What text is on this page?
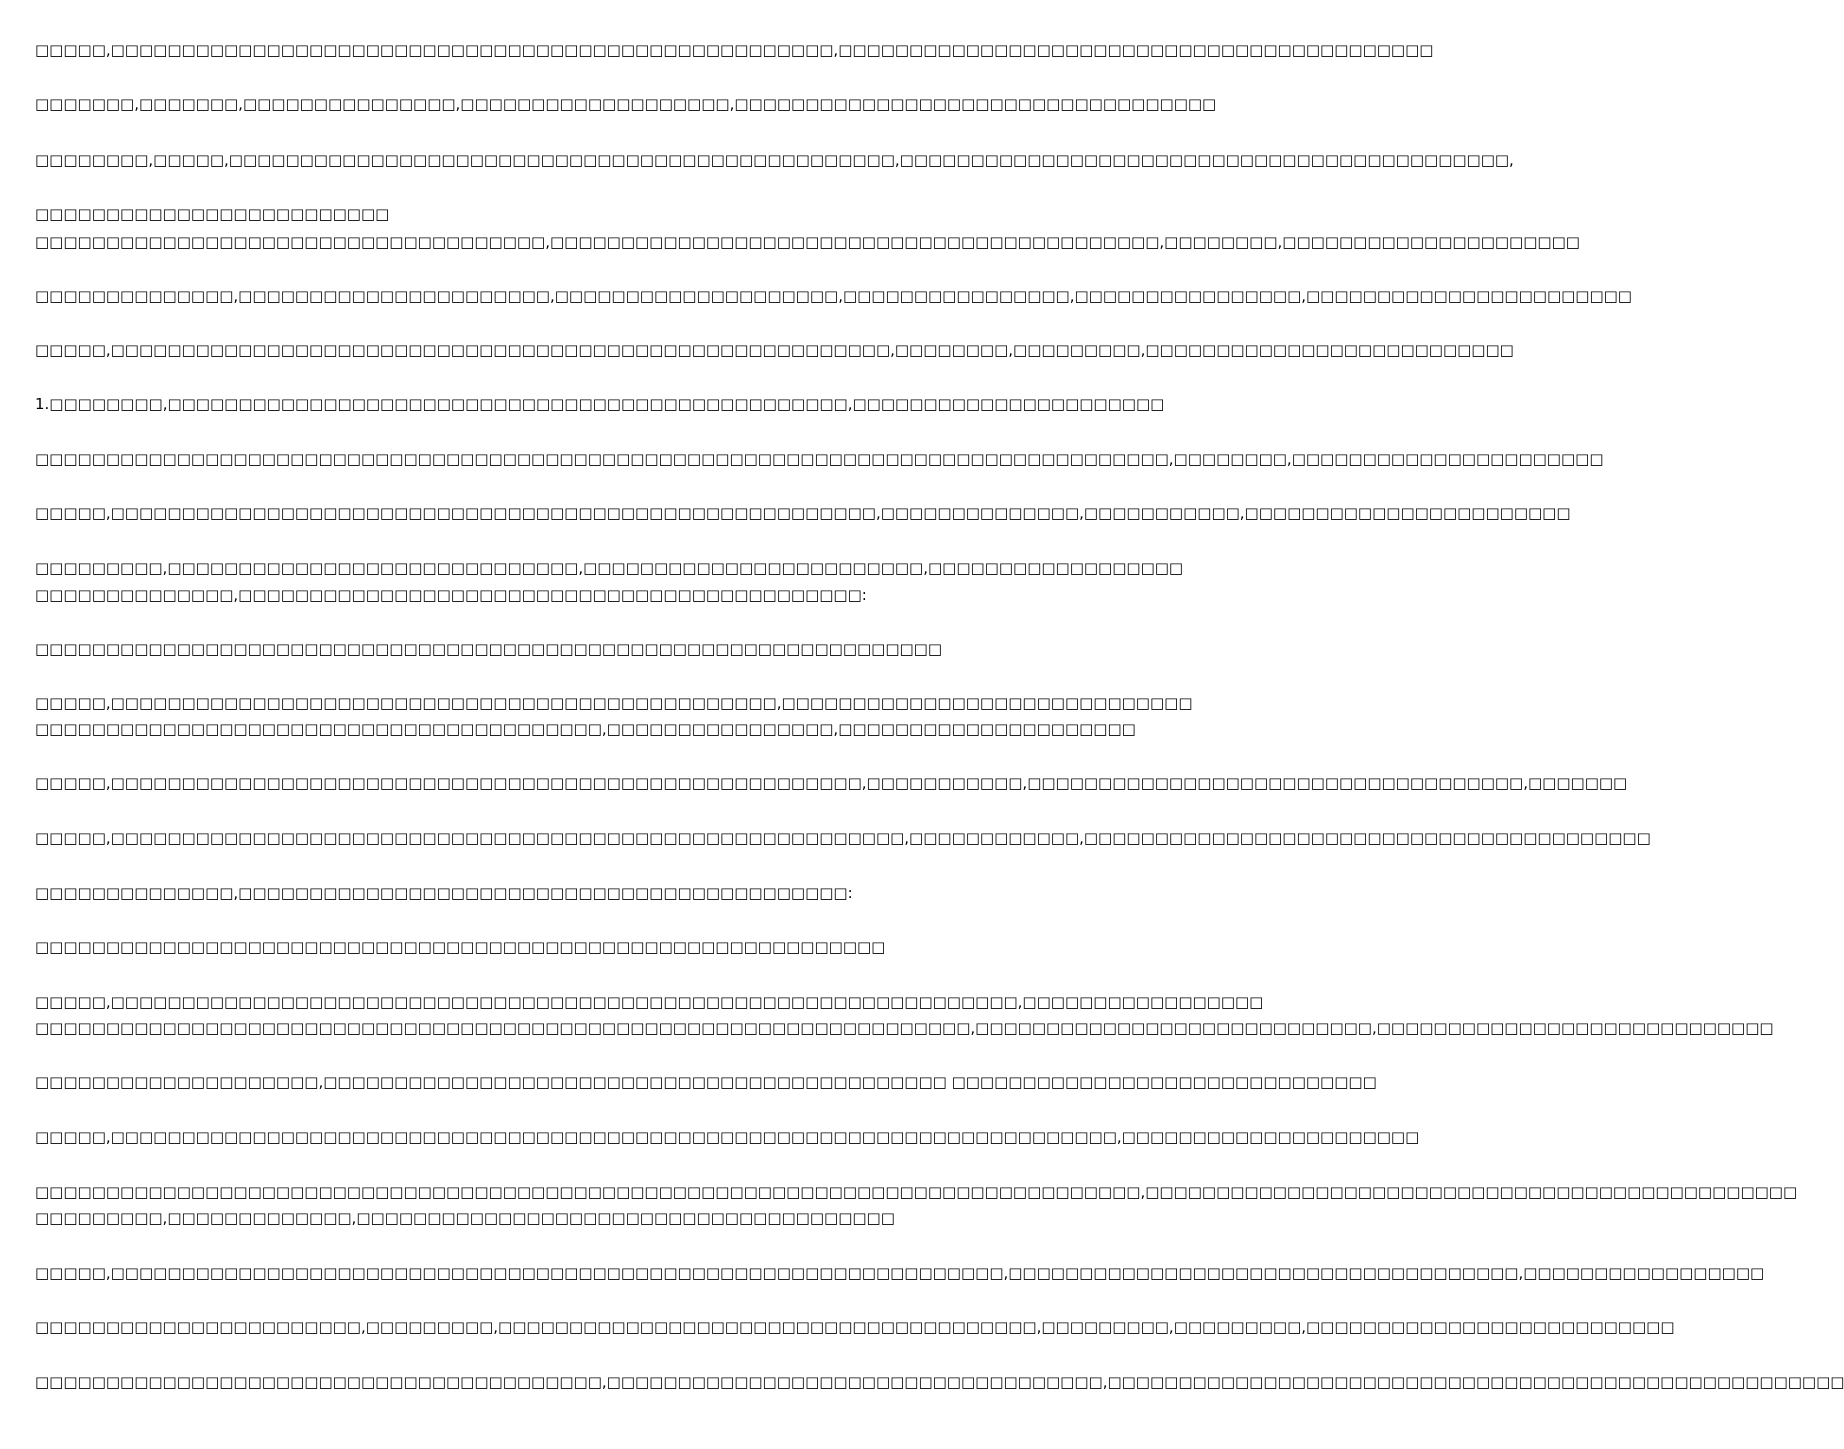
□□□□□,□□□□□□□□□□□□□□□□□□□□□□□□□□□□□□□□□□□□□□□□□□□□□□□□□□□,□□□□□□□□□□□□□□□□□□□□□□□□□□□□□□□□□□□□□□□□□□
□□□□□□□,□□□□□□□,□□□□□□□□□□□□□□□,□□□□□□□□□□□□□□□□□□□,□□□□□□□□□□□□□□□□□□□□□□□□□□□□□□□□□□
□□□□□□□□,□□□□□,□□□□□□□□□□□□□□□□□□□□□□□□□□□□□□□□□□□□□□□□□□□□□□□,□□□□□□□□□□□□□□□□□□□□□□□□□□□□□□□□□□□□□□□□□□□,
□□□□□□□□□□□□□□□□□□□□□□□□□
□□□□□□□□□□□□□□□□□□□□□□□□□□□□□□□□□□□□,□□□□□□□□□□□□□□□□□□□□□□□□□□□□□□□□□□□□□□□□□□□,□□□□□□□□,□□□□□□□□□□□□□□□□□□□□□
□□□□□□□□□□□□□□,□□□□□□□□□□□□□□□□□□□□□□,□□□□□□□□□□□□□□□□□□□□,□□□□□□□□□□□□□□□□,□□□□□□□□□□□□□□□□,□□□□□□□□□□□□□□□□□□□□□□□
□□□□□,□□□□□□□□□□□□□□□□□□□□□□□□□□□□□□□□□□□□□□□□□□□□□□□□□□□□□□□,□□□□□□□□,□□□□□□□□□,□□□□□□□□□□□□□□□□□□□□□□□□□□
1.□□□□□□□□,□□□□□□□□□□□□□□□□□□□□□□□□□□□□□□□□□□□□□□□□□□□□□□□□,□□□□□□□□□□□□□□□□□□□□□□
□□□□□□□□□□□□□□□□□□□□□□□□□□□□□□□□□□□□□□□□□□□□□□□□□□□□□□□□□□□□□□□□□□□□□□□□□□□□□□□□,□□□□□□□□,□□□□□□□□□□□□□□□□□□□□□□
□□□□□,□□□□□□□□□□□□□□□□□□□□□□□□□□□□□□□□□□□□□□□□□□□□□□□□□□□□□□,□□□□□□□□□□□□□□,□□□□□□□□□□□,□□□□□□□□□□□□□□□□□□□□□□□
□□□□□□□□□,□□□□□□□□□□□□□□□□□□□□□□□□□□□□□,□□□□□□□□□□□□□□□□□□□□□□□□,□□□□□□□□□□□□□□□□□□
□□□□□□□□□□□□□□,□□□□□□□□□□□□□□□□□□□□□□□□□□□□□□□□□□□□□□□□□□□□:
□□□□□□□□□□□□□□□□□□□□□□□□□□□□□□□□□□□□□□□□□□□□□□□□□□□□□□□□□□□□□□□□
□□□□□,□□□□□□□□□□□□□□□□□□□□□□□□□□□□□□□□□□□□□□□□□□□□□□□,□□□□□□□□□□□□□□□□□□□□□□□□□□□□□
□□□□□□□□□□□□□□□□□□□□□□□□□□□□□□□□□□□□□□□□,□□□□□□□□□□□□□□□□,□□□□□□□□□□□□□□□□□□□□□
□□□□□,□□□□□□□□□□□□□□□□□□□□□□□□□□□□□□□□□□□□□□□□□□□□□□□□□□□□□,□□□□□□□□□□□,□□□□□□□□□□□□□□□□□□□□□□□□□□□□□□□□□□□,□□□□□□□
□□□□□,□□□□□□□□□□□□□□□□□□□□□□□□□□□□□□□□□□□□□□□□□□□□□□□□□□□□□□□□,□□□□□□□□□□□□,□□□□□□□□□□□□□□□□□□□□□□□□□□□□□□□□□□□□□□□□
□□□□□□□□□□□□□□,□□□□□□□□□□□□□□□□□□□□□□□□□□□□□□□□□□□□□□□□□□□:
□□□□□□□□□□□□□□□□□□□□□□□□□□□□□□□□□□□□□□□□□□□□□□□□□□□□□□□□□□□□
□□□□□,□□□□□□□□□□□□□□□□□□□□□□□□□□□□□□□□□□□□□□□□□□□□□□□□□□□□□□□□□□□□□□□□,□□□□□□□□□□□□□□□□□
□□□□□□□□□□□□□□□□□□□□□□□□□□□□□□□□□□□□□□□□□□□□□□□□□□□□□□□□□□□□□□□□□□,□□□□□□□□□□□□□□□□□□□□□□□□□□□□,□□□□□□□□□□□□□□□□□□□□□□□□□□□□
□□□□□□□□□□□□□□□□□□□□,□□□□□□□□□□□□□□□□□□□□□□□□□□□□□□□□□□□□□□□□□□□□ □□□□□□□□□□□□□□□□□□□□□□□□□□□□□□
□□□□□,□□□□□□□□□□□□□□□□□□□□□□□□□□□□□□□□□□□□□□□□□□□□□□□□□□□□□□□□□□□□□□□□□□□□□□□,□□□□□□□□□□□□□□□□□□□□□
□□□□□□□□□□□□□□□□□□□□□□□□□□□□□□□□□□□□□□□□□□□□□□□□□□□□□□□□□□□□□□□□□□□□□□□□□□□□□□,□□□□□□□□□□□□□□□□□□□□□□□□□□□□□□□□□□□□□□□□□□□□□□
□□□□□□□□□,□□□□□□□□□□□□□,□□□□□□□□□□□□□□□□□□□□□□□□□□□□□□□□□□□□□□
□□□□□,□□□□□□□□□□□□□□□□□□□□□□□□□□□□□□□□□□□□□□□□□□□□□□□□□□□□□□□□□□□□□□□,□□□□□□□□□□□□□□□□□□□□□□□□□□□□□□□□□□□□,□□□□□□□□□□□□□□□□□
□□□□□□□□□□□□□□□□□□□□□□□,□□□□□□□□□,□□□□□□□□□□□□□□□□□□□□□□□□□□□□□□□□□□□□□□,□□□□□□□□□,□□□□□□□□□,□□□□□□□□□□□□□□□□□□□□□□□□□□
□□□□□□□□□□□□□□□□□□□□□□□□□□□□□□□□□□□□□□□□,□□□□□□□□□□□□□□□□□□□□□□□□□□□□□□□□□□□,□□□□□□□□□□□□□□□□□□□□□□□□□□□□□□□□□□□□□□□□□□□□□□□□□□□□
